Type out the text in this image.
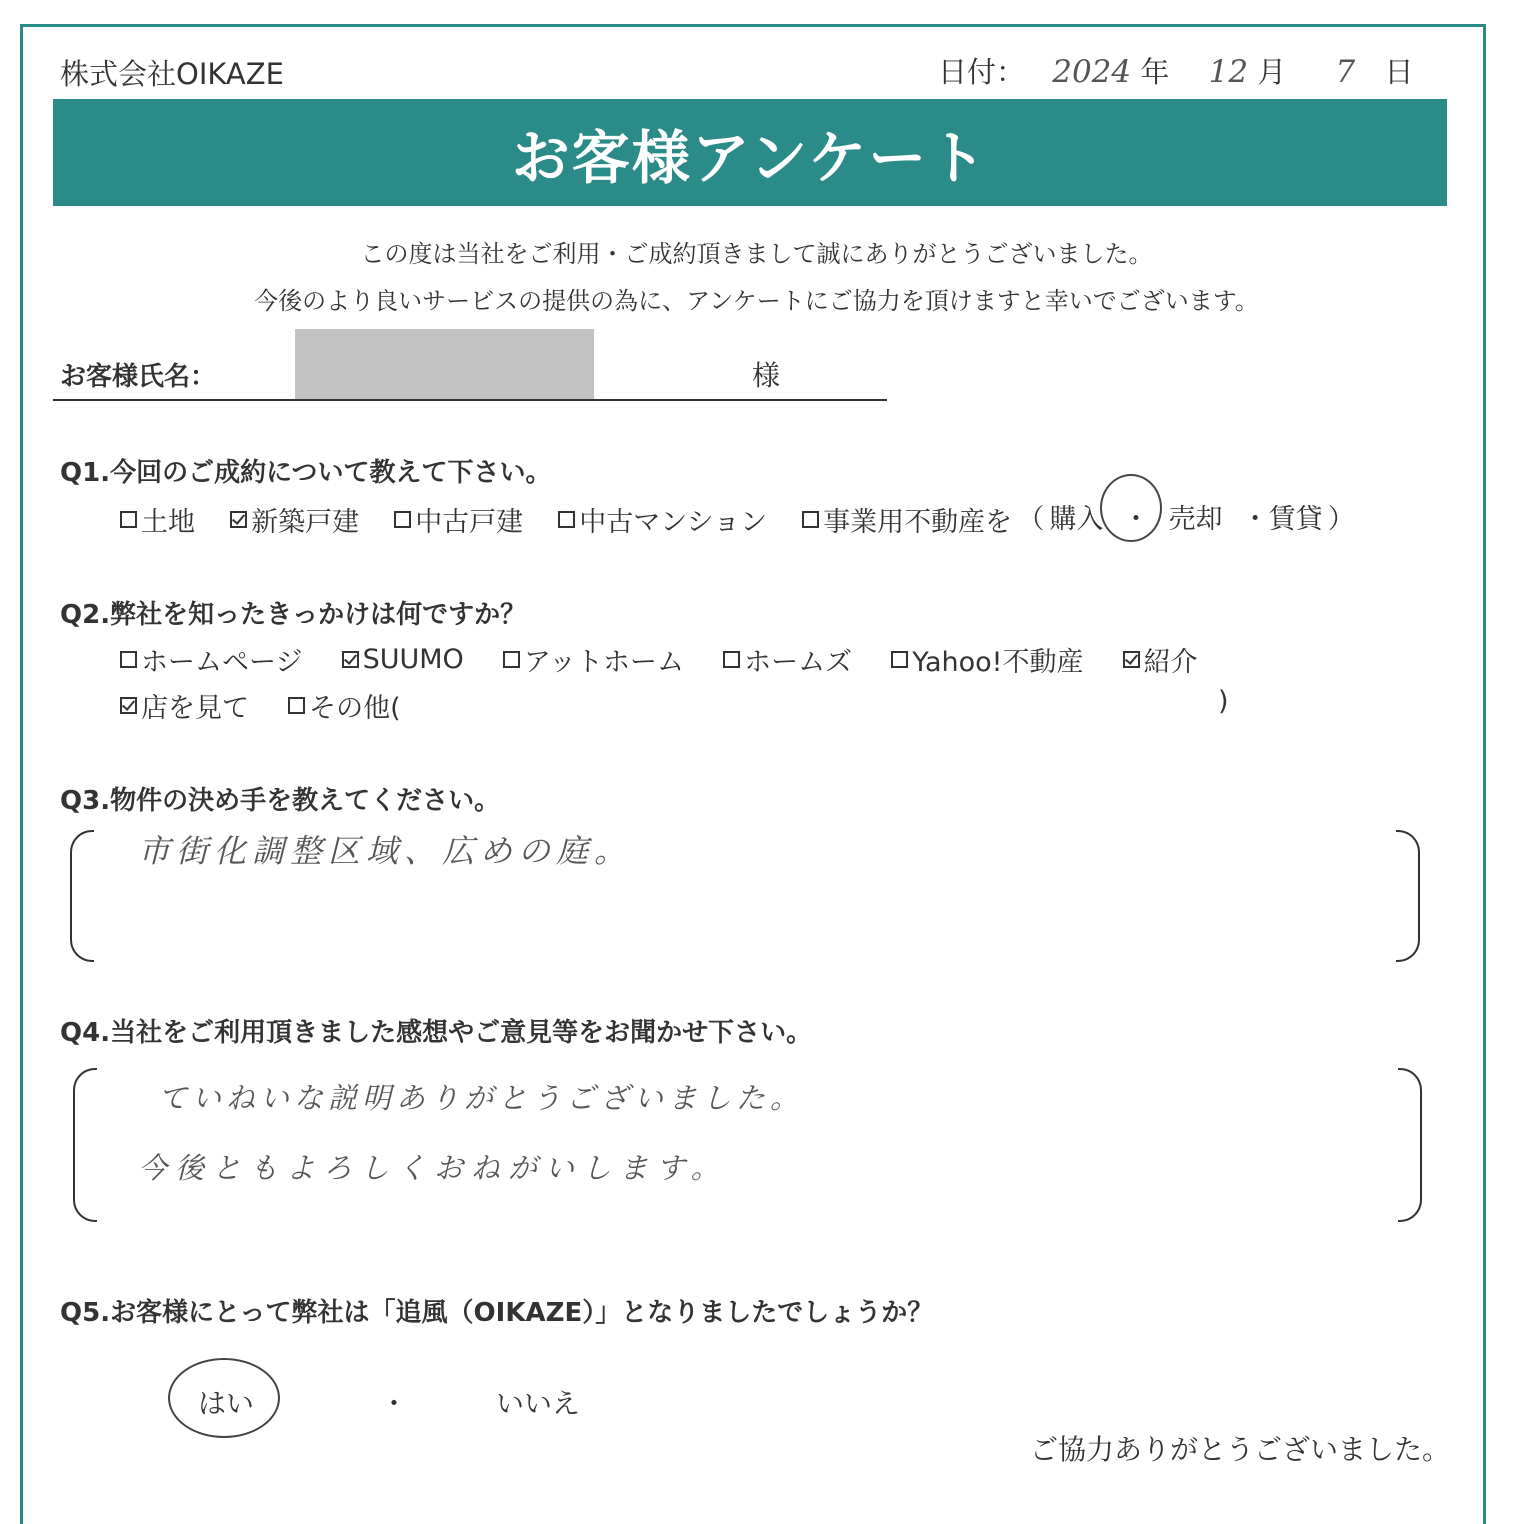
株式会社OIKAZE	日付： 2024 年 12 月 7 日
お客様アンケート
この度は当社をご利用・ご成約頂きまして誠にありがとうございました。
今後のより良いサービスの提供の為に、アンケートにご協力を頂けますと幸いでございます。
お客様氏名：	様
Q1.今回のご成約について教えて下さい。
土地
新築戸建
中古戸建
中古マンション
事業用不動産を （ 購入 ・ 売却 ・賃貸 ）
Q2.弊社を知ったきっかけは何ですか？
ホームページ
SUUMO
アットホーム
ホームズ
Yahoo!不動産
紹介
店を見て
その他(	)
Q3.物件の決め手を教えてください。
市街化調整区域、広めの庭。
Q4.当社をご利用頂きました感想やご意見等をお聞かせ下さい。
ていねいな説明ありがとうございました。
今後ともよろしくおねがいします。
Q5.お客様にとって弊社は「追風（OIKAZE）」となりましたでしょうか？
はい	・	いいえ
ご協力ありがとうございました。
